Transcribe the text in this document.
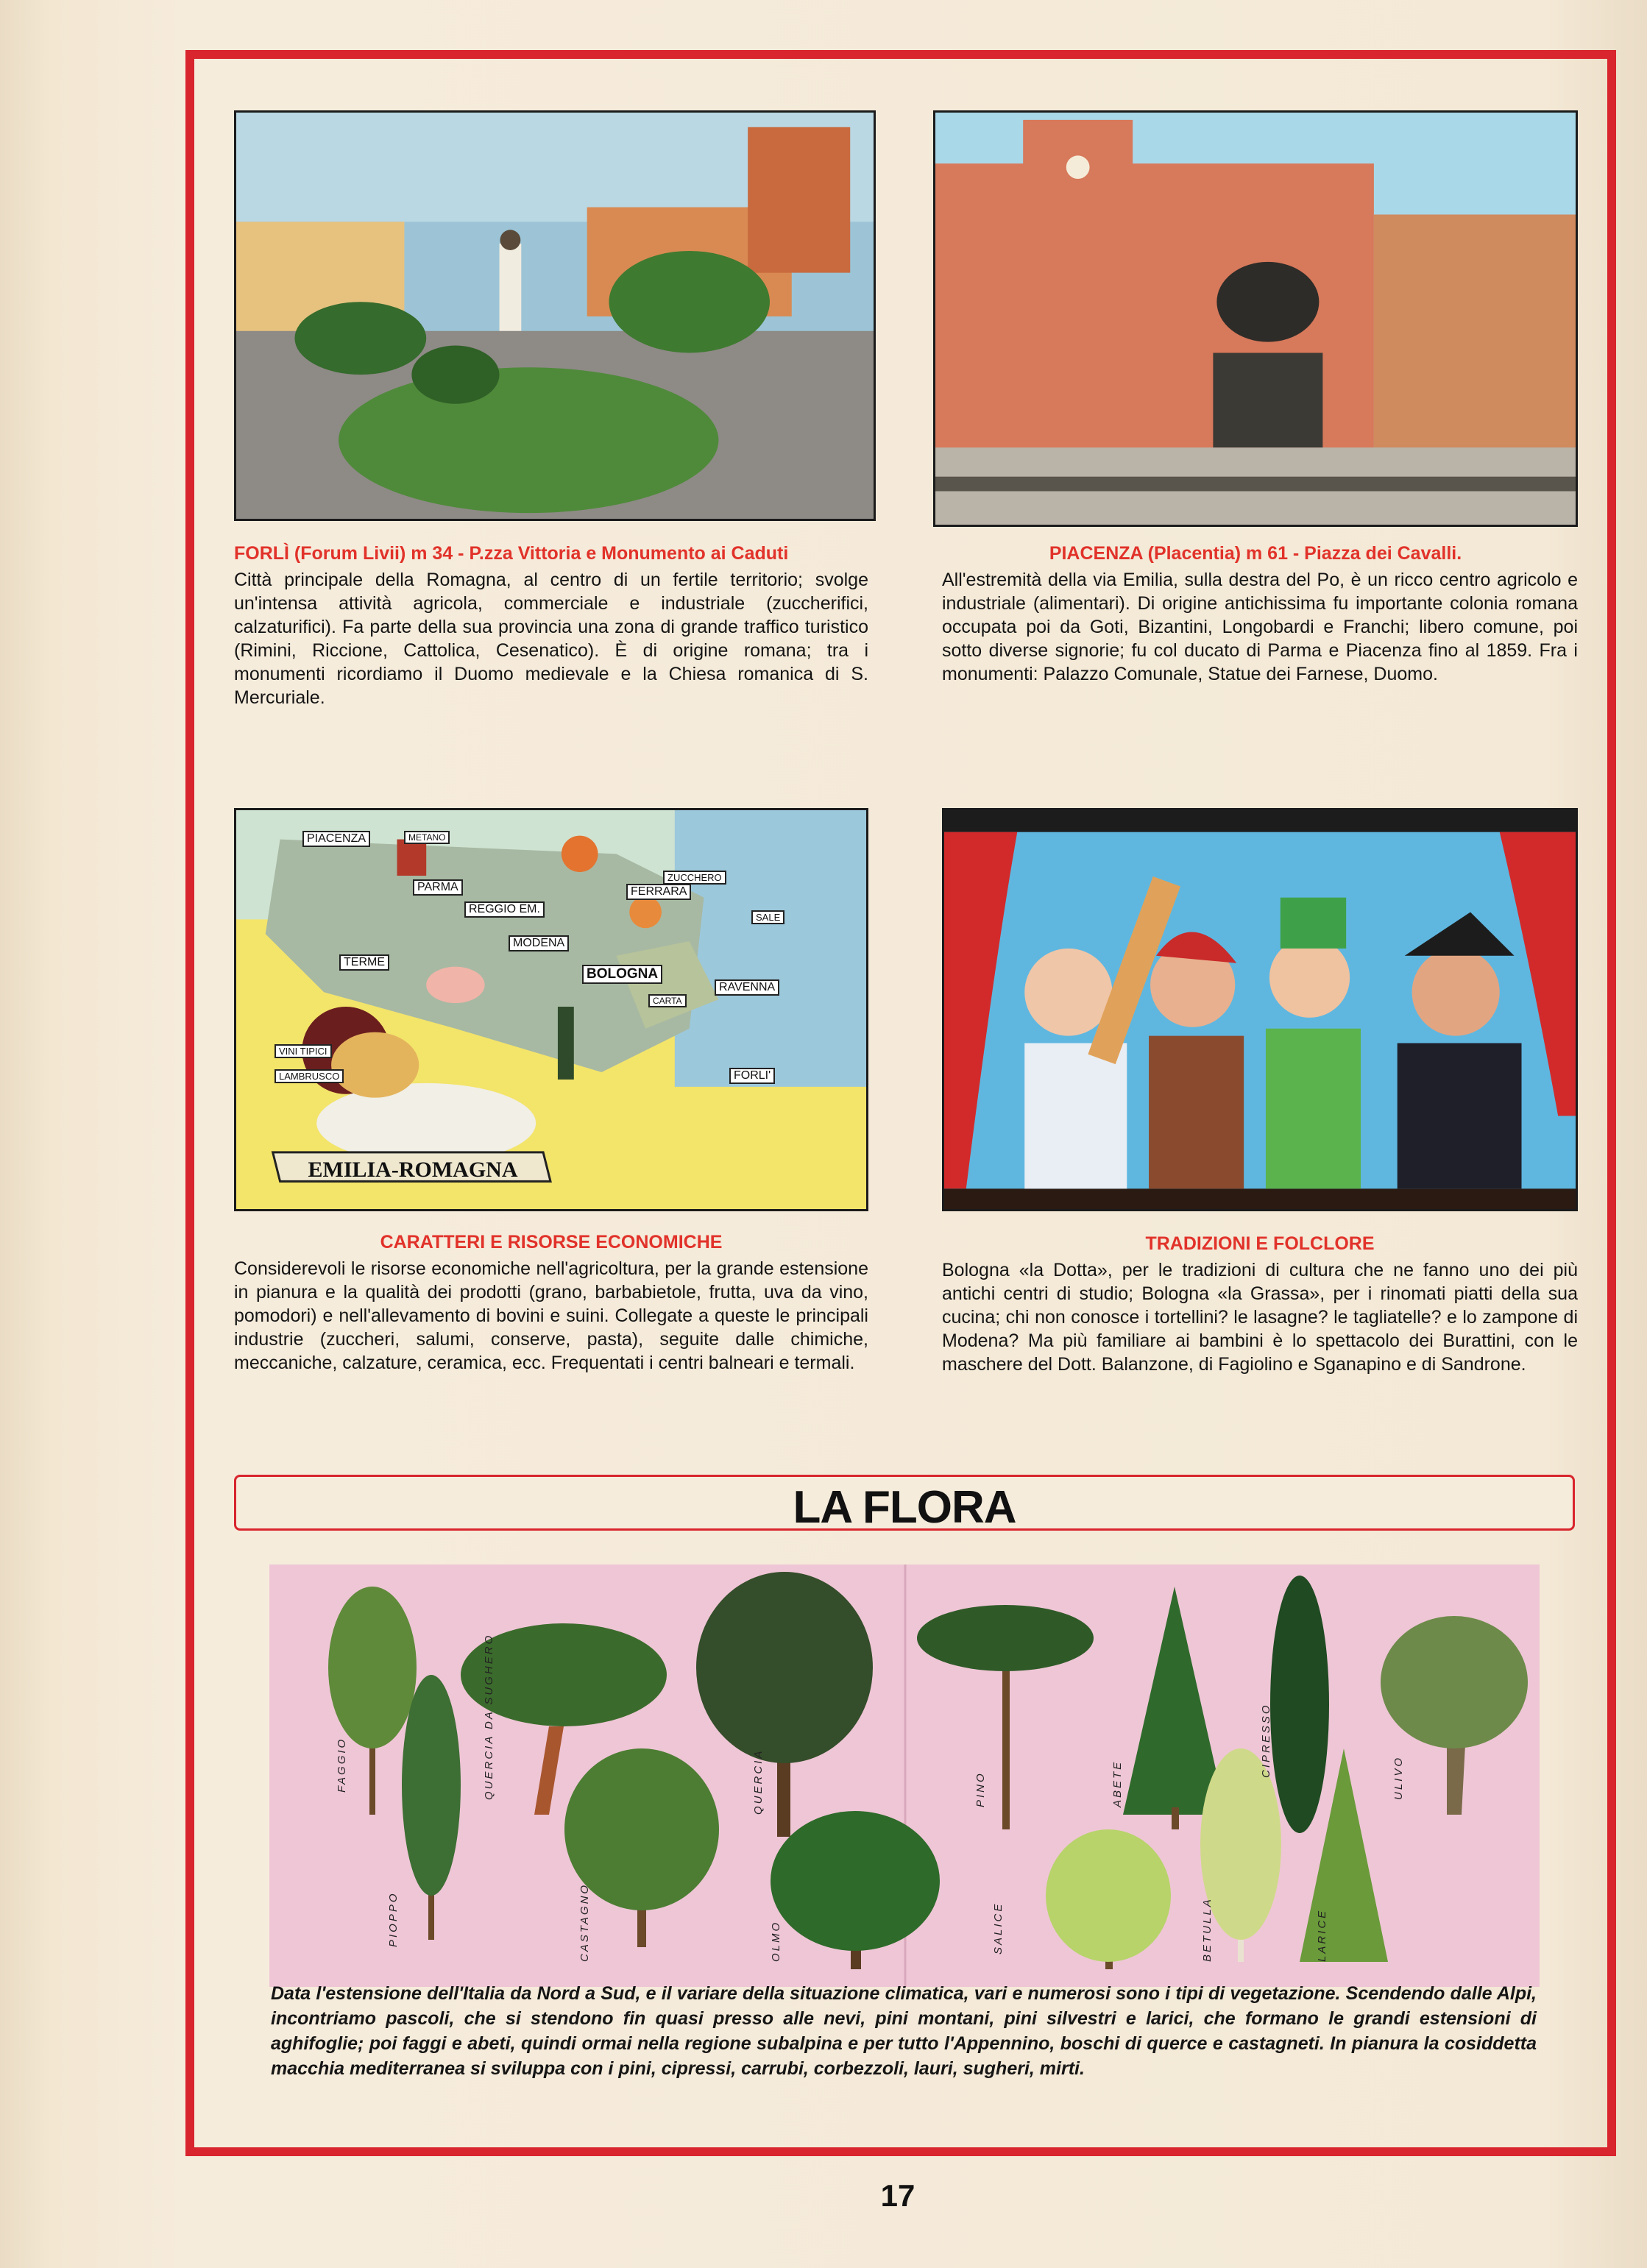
FORLÌ (Forum Livii) m 34 - P.zza Vittoria e Monumento ai Caduti
Città principale della Romagna, al centro di un fertile territorio; svolge un'intensa attività agricola, commerciale e industriale (zuccherifici, calzaturifici). Fa parte della sua provincia una zona di grande traffico turistico (Rimini, Riccione, Cattolica, Cesenatico). È di origine romana; tra i monumenti ricordiamo il Duomo medievale e la Chiesa romanica di S. Mercuriale.
PIACENZA (Placentia) m 61 - Piazza dei Cavalli.
All'estremità della via Emilia, sulla destra del Po, è un ricco centro agricolo e industriale (alimentari). Di origine antichissima fu importante colonia romana occupata poi da Goti, Bizantini, Longobardi e Franchi; libero comune, poi sotto diverse signorie; fu col ducato di Parma e Piacenza fino al 1859. Fra i monumenti: Palazzo Comunale, Statue dei Farnese, Duomo.
PIACENZA
PARMA
REGGIO EM.
MODENA
BOLOGNA
FERRARA
RAVENNA
FORLI'
TERME
ZUCCHERO
SALE
METANO
CARTA
VINI TIPICI
LAMBRUSCO
EMILIA-ROMAGNA
CARATTERI E RISORSE ECONOMICHE
Considerevoli le risorse economiche nell'agricoltura, per la grande estensione in pianura e la qualità dei prodotti (grano, barbabietole, frutta, uva da vino, pomodori) e nell'allevamento di bovini e suini. Collegate a queste le principali industrie (zuccheri, salumi, conserve, pasta), seguite dalle chimiche, meccaniche, calzature, ceramica, ecc. Frequentati i centri balneari e termali.
TRADIZIONI E FOLCLORE
Bologna «la Dotta», per le tradizioni di cultura che ne fanno uno dei più antichi centri di studio; Bologna «la Grassa», per i rinomati piatti della sua cucina; chi non conosce i tortellini? le lasagne? le tagliatelle? e lo zampone di Modena? Ma più familiare ai bambini è lo spettacolo dei Burattini, con le maschere del Dott. Balanzone, di Fagiolino e Sganapino e di Sandrone.
LA FLORA
FAGGIO
PIOPPO
QUERCIA DA SUGHERO
CASTAGNO
QUERCIA
OLMO
PINO
SALICE
ABETE
BETULLA
CIPRESSO
LARICE
ULIVO
Data l'estensione dell'Italia da Nord a Sud, e il variare della situazione climatica, vari e numerosi sono i tipi di vegetazione. Scendendo dalle Alpi, incontriamo pascoli, che si stendono fin quasi presso alle nevi, pini montani, pini silvestri e larici, che formano le grandi estensioni di aghifoglie; poi faggi e abeti, quindi ormai nella regione subalpina e per tutto l'Appennino, boschi di querce e castagneti. In pianura la cosiddetta macchia mediterranea si sviluppa con i pini, cipressi, carrubi, corbezzoli, lauri, sugheri, mirti.
17
